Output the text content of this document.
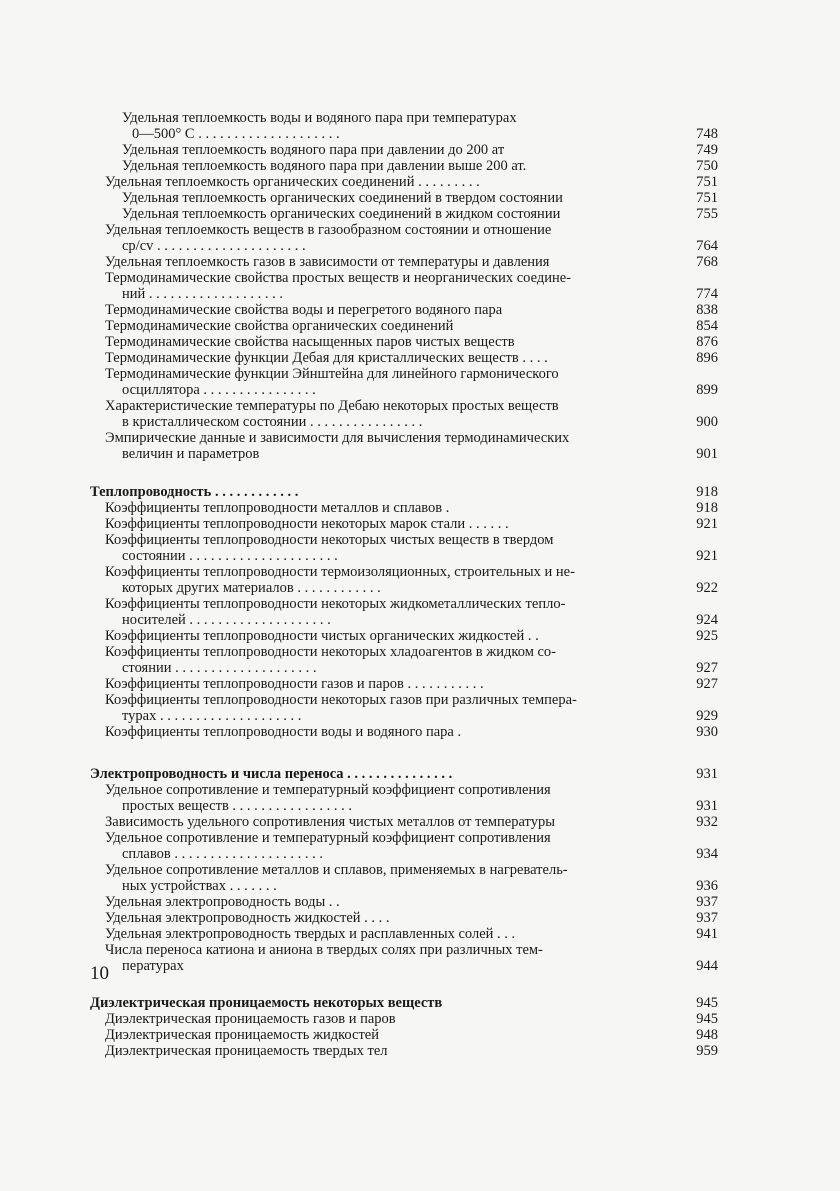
Удельная теплоемкость воды и водяного пара при температурах
0—500° С . . . . . . . . . . . . . . . . . . . .	748
Удельная теплоемкость водяного пара при давлении до 200 ат	749
Удельная теплоемкость водяного пара при давлении выше 200 ат.	750
Удельная теплоемкость органических соединений . . . . . . . . .	751
Удельная теплоемкость органических соединений в твердом состоянии	751
Удельная теплоемкость органических соединений в жидком состоянии	755
Удельная теплоемкость веществ в газообразном состоянии и отношение
cp/cv . . . . . . . . . . . . . . . . . . . . .	764
Удельная теплоемкость газов в зависимости от температуры и давления	768
Термодинамические свойства простых веществ и неорганических соедине-
ний . . . . . . . . . . . . . . . . . . .	774
Термодинамические свойства воды и перегретого водяного пара	838
Термодинамические свойства органических соединений	854
Термодинамические свойства насыщенных паров чистых веществ	876
Термодинамические функции Дебая для кристаллических веществ . . . .	896
Термодинамические функции Эйнштейна для линейного гармонического
осциллятора . . . . . . . . . . . . . . . .	899
Характеристические температуры по Дебаю некоторых простых веществ
в кристаллическом состоянии . . . . . . . . . . . . . . . .	900
Эмпирические данные и зависимости для вычисления термодинамических
величин и параметров	901
Теплопроводность . . . . . . . . . . . .	918
Коэффициенты теплопроводности металлов и сплавов .	918
Коэффициенты теплопроводности некоторых марок стали . . . . . .	921
Коэффициенты теплопроводности некоторых чистых веществ в твердом
состоянии . . . . . . . . . . . . . . . . . . . . .	921
Коэффициенты теплопроводности термоизоляционных, строительных и не-
которых других материалов . . . . . . . . . . . .	922
Коэффициенты теплопроводности некоторых жидкометаллических тепло-
носителей . . . . . . . . . . . . . . . . . . . .	924
Коэффициенты теплопроводности чистых органических жидкостей . .	925
Коэффициенты теплопроводности некоторых хладоагентов в жидком со-
стоянии . . . . . . . . . . . . . . . . . . . .	927
Коэффициенты теплопроводности газов и паров . . . . . . . . . . .	927
Коэффициенты теплопроводности некоторых газов при различных темпера-
турах . . . . . . . . . . . . . . . . . . . .	929
Коэффициенты теплопроводности воды и водяного пара .	930
Электропроводность и числа переноса . . . . . . . . . . . . . . .	931
Удельное сопротивление и температурный коэффициент сопротивления
простых веществ . . . . . . . . . . . . . . . . .	931
Зависимость удельного сопротивления чистых металлов от температуры	932
Удельное сопротивление и температурный коэффициент сопротивления
сплавов . . . . . . . . . . . . . . . . . . . . .	934
Удельное сопротивление металлов и сплавов, применяемых в нагреватель-
ных устройствах . . . . . . .	936
Удельная электропроводность воды . .	937
Удельная электропроводность жидкостей . . . .	937
Удельная электропроводность твердых и расплавленных солей . . .	941
Числа переноса катиона и аниона в твердых солях при различных тем-
пературах	944
Диэлектрическая проницаемость некоторых веществ	945
Диэлектрическая проницаемость газов и паров	945
Диэлектрическая проницаемость жидкостей	948
Диэлектрическая проницаемость твердых тел	959
10
